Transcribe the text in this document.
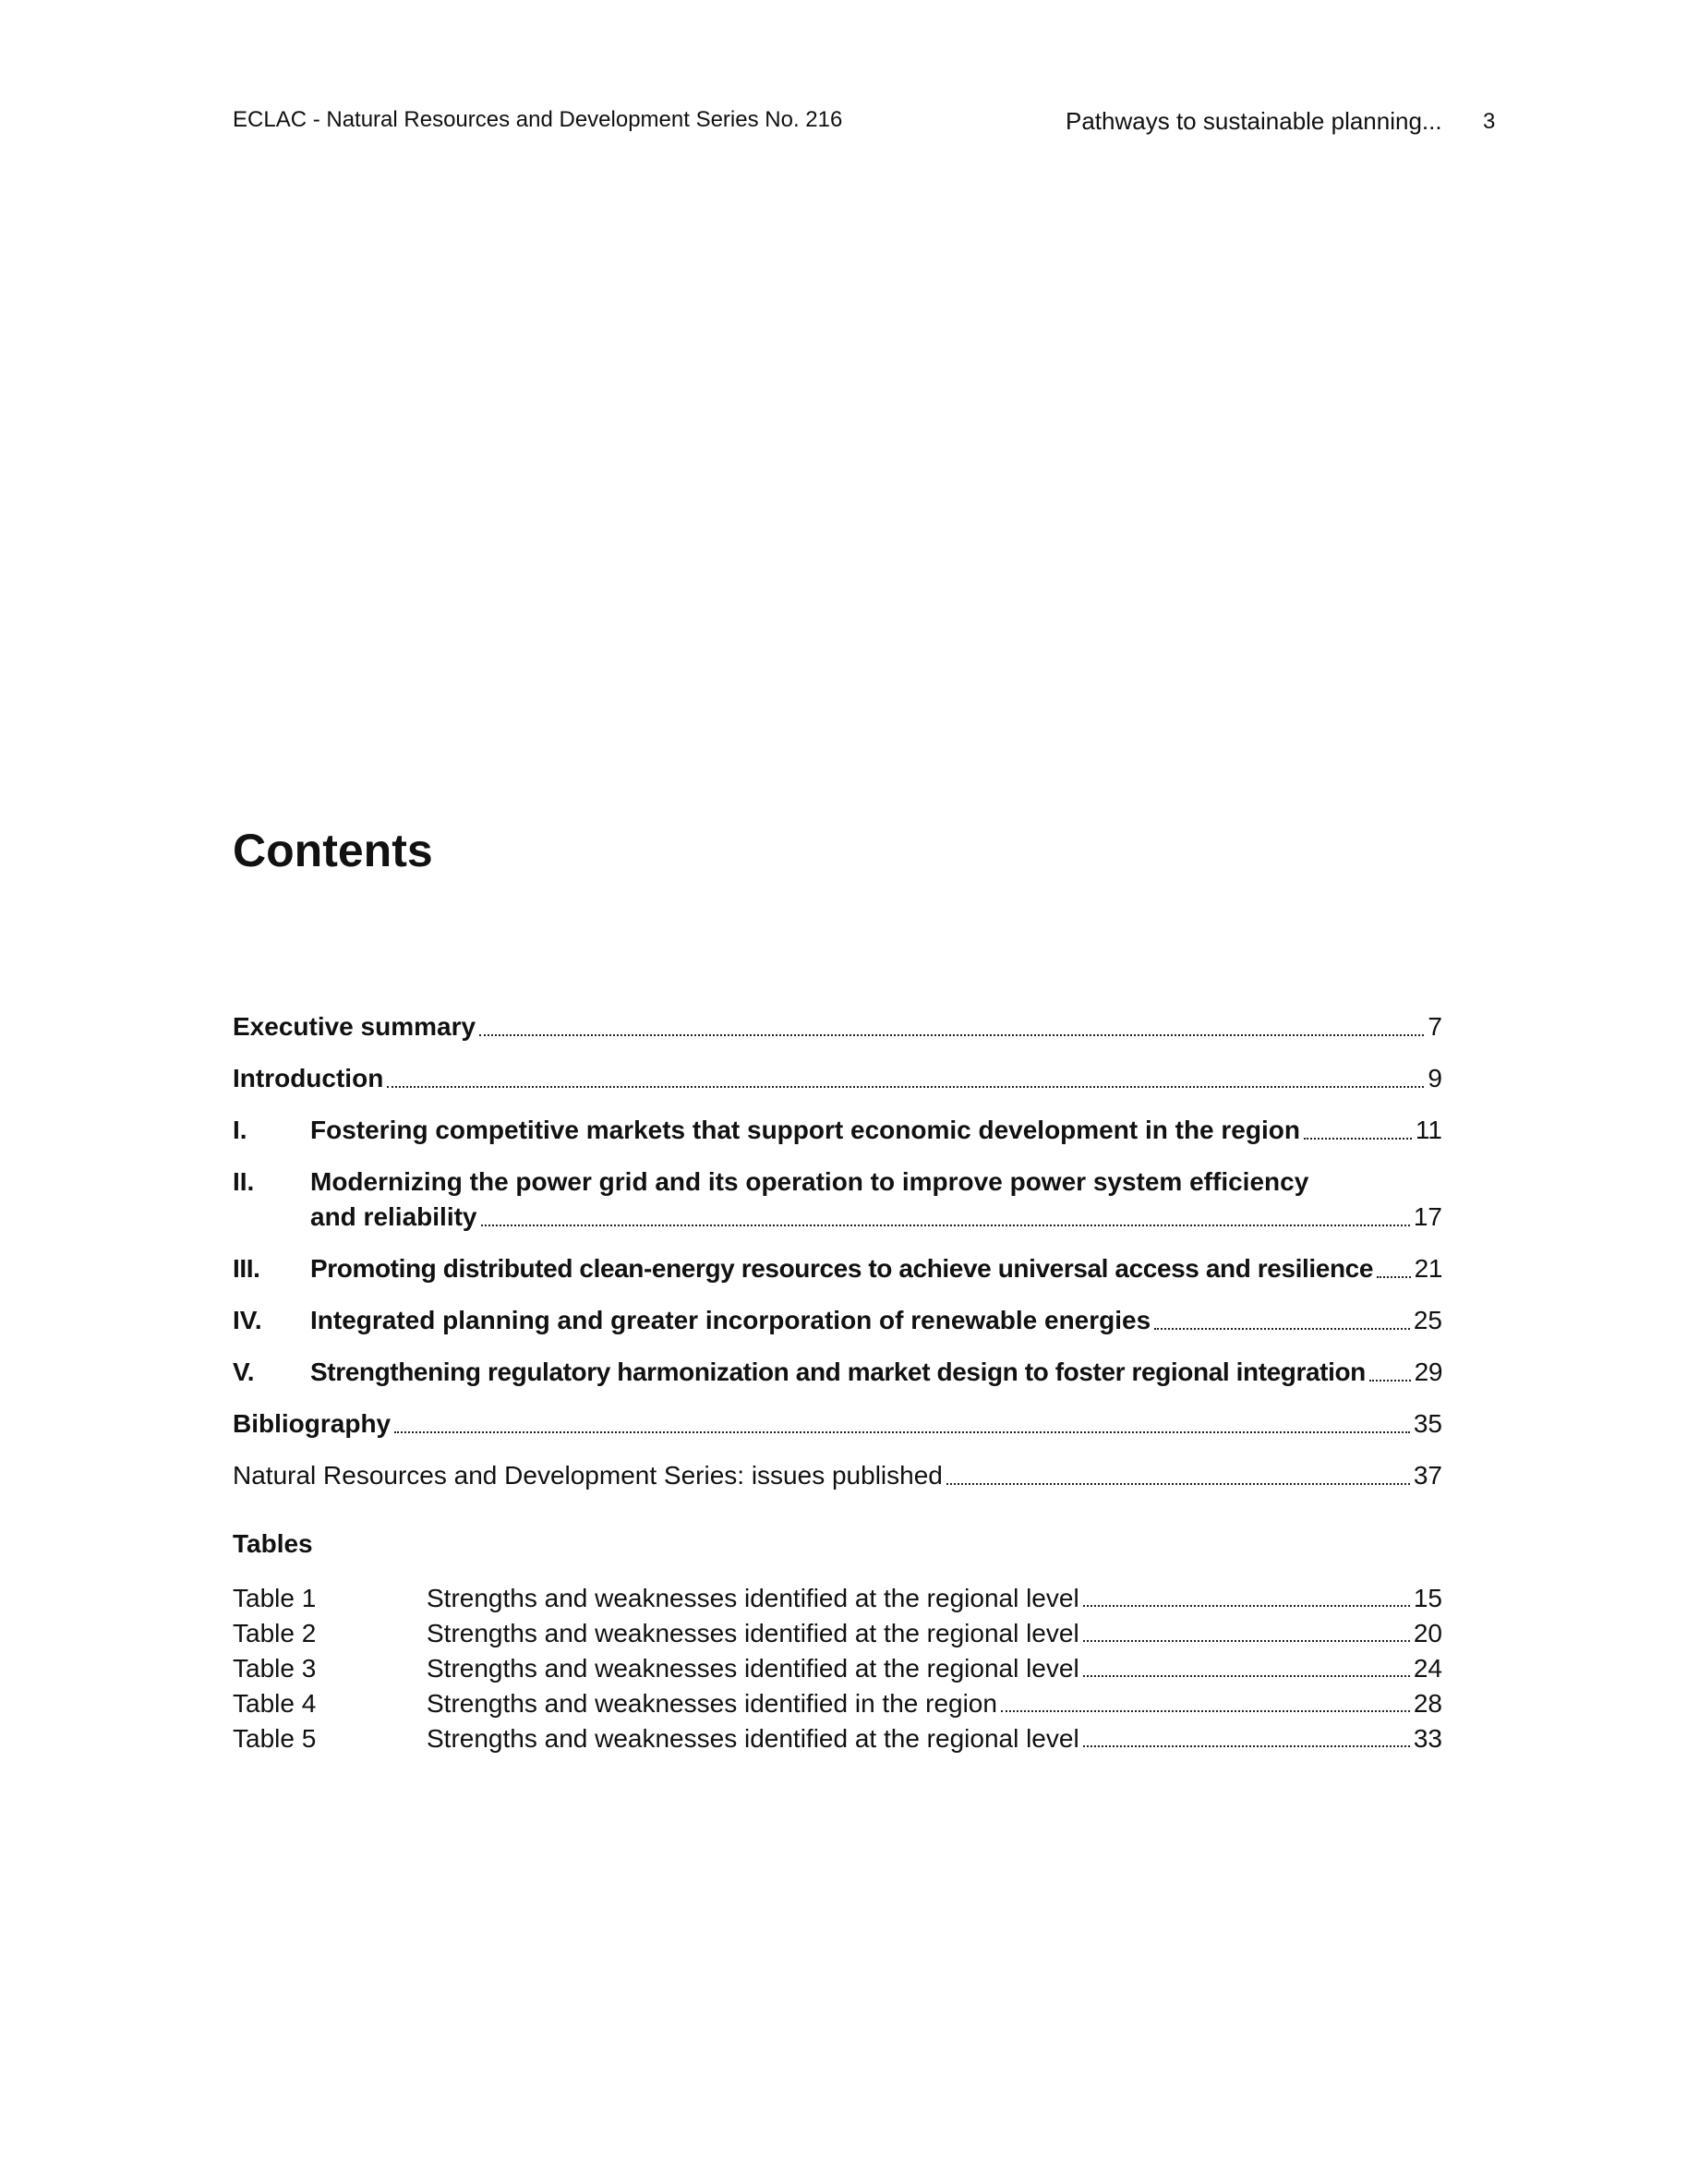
ECLAC - Natural Resources and Development Series No. 216	Pathways to sustainable planning... 3
Contents
Executive summary	7
Introduction	9
I.	Fostering competitive markets that support economic development in the region	11
II.	Modernizing the power grid and its operation to improve power system efficiency
and reliability	17
III.	Promoting distributed clean-energy resources to achieve universal access and resilience 21
IV.	Integrated planning and greater incorporation of renewable energies	25
V.	Strengthening regulatory harmonization and market design to foster regional integration 29
Bibliography	35
Natural Resources and Development Series: issues published	37
Tables
Table 1	Strengths and weaknesses identified at the regional level	15
Table 2	Strengths and weaknesses identified at the regional level	20
Table 3	Strengths and weaknesses identified at the regional level	24
Table 4	Strengths and weaknesses identified in the region	28
Table 5	Strengths and weaknesses identified at the regional level	33
